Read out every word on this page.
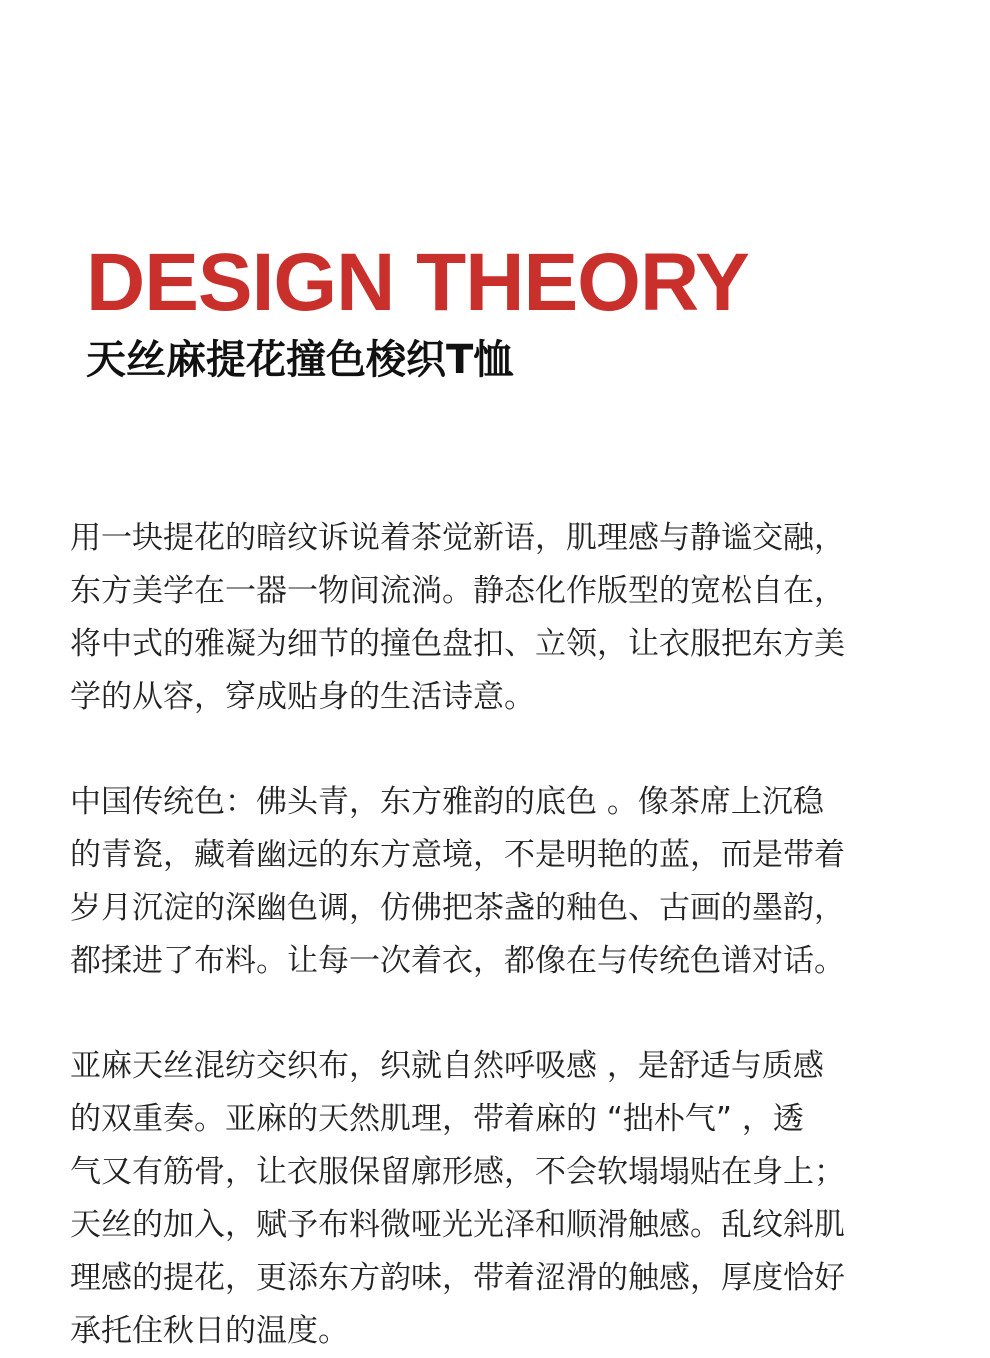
DESIGN THEORY
天丝麻提花撞色梭织T恤

用一块提花的暗纹诉说着茶觉新语，肌理感与静谧交融，
东方美学在一器一物间流淌。静态化作版型的宽松自在，
将中式的雅凝为细节的撞色盘扣、立领，让衣服把东方美
学的从容，穿成贴身的生活诗意。

中国传统色：佛头青，东方雅韵的底色 。像茶席上沉稳
的青瓷，藏着幽远的东方意境，不是明艳的蓝，而是带着
岁月沉淀的深幽色调，仿佛把茶盏的釉色、古画的墨韵，
都揉进了布料。让每一次着衣，都像在与传统色谱对话。

亚麻天丝混纺交织布，织就自然呼吸感 ，是舒适与质感
的双重奏。亚麻的天然肌理，带着麻的 “拙朴气” ，透
气又有筋骨，让衣服保留廓形感，不会软塌塌贴在身上；
天丝的加入，赋予布料微哑光光泽和顺滑触感。乱纹斜肌
理感的提花，更添东方韵味，带着涩滑的触感，厚度恰好
承托住秋日的温度。
